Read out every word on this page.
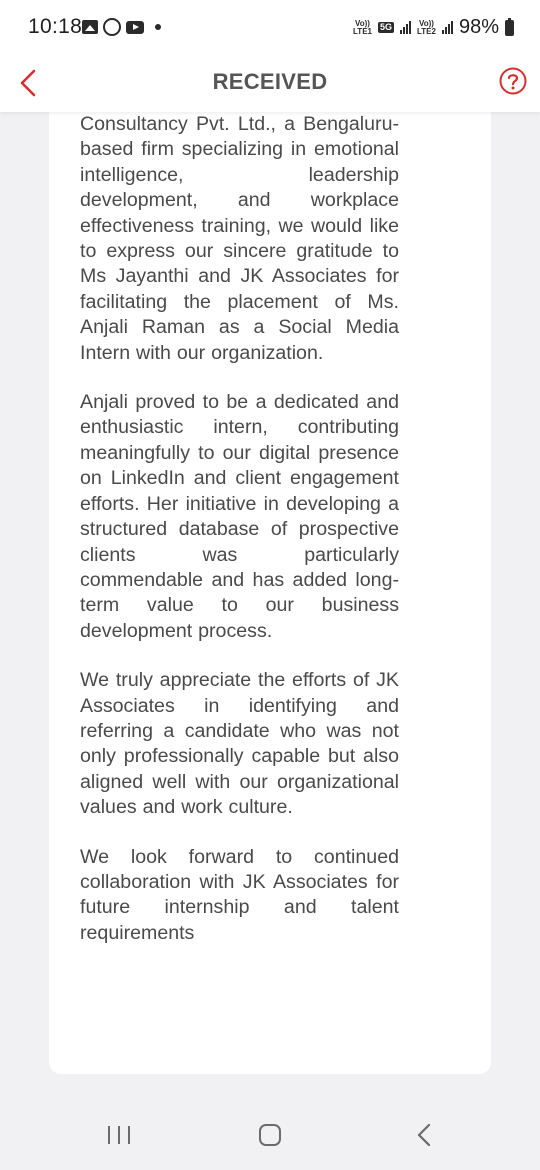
10:18	Vo))
LTE1 5G	Vo))
LTE2 98%
RECEIVED

Consultancy Pvt. Ltd., a Bengaluru-based firm specializing in emotional intelligence, leadership development, and workplace effectiveness training, we would like to express our sincere gratitude to Ms Jayanthi and JK Associates for facilitating the placement of Ms. Anjali Raman as a Social Media Intern with our organization.

Anjali proved to be a dedicated and enthusiastic intern, contributing meaningfully to our digital presence on LinkedIn and client engagement efforts. Her initiative in developing a structured database of prospective clients was particularly commendable and has added long-term value to our business development process.

We truly appreciate the efforts of JK Associates in identifying and referring a candidate who was not only professionally capable but also aligned well with our organizational values and work culture.

We look forward to continued collaboration with JK Associates for future internship and talent requirements
